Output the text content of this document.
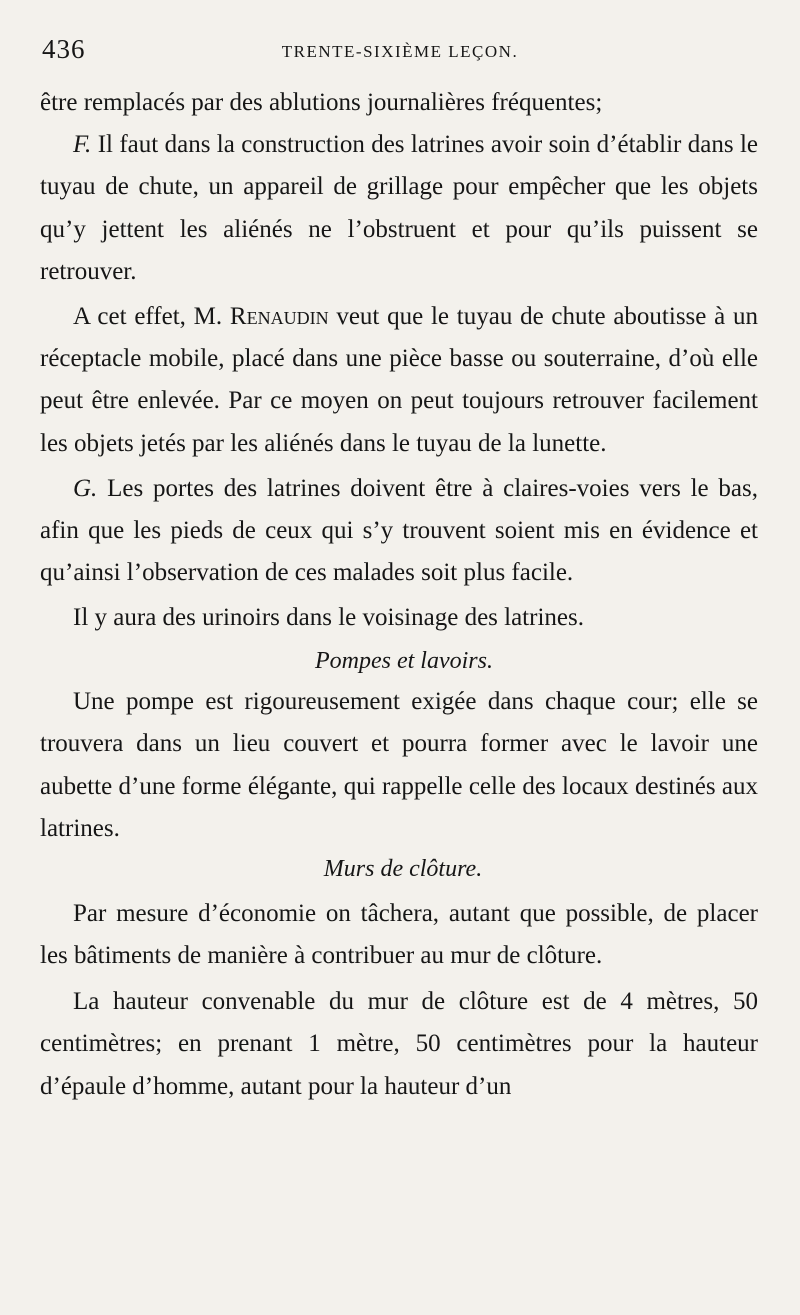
436	TRENTE-SIXIÈME LEÇON.

être remplacés par des ablutions journalières fréquentes;

F. Il faut dans la construction des latrines avoir soin d’établir dans le tuyau de chute, un appareil de grillage pour empêcher que les objets qu’y jettent les aliénés ne l’obstruent et pour qu’ils puissent se retrouver.

A cet effet, M. Renaudin veut que le tuyau de chute aboutisse à un réceptacle mobile, placé dans une pièce basse ou souterraine, d’où elle peut être enlevée. Par ce moyen on peut toujours retrouver facilement les objets jetés par les aliénés dans le tuyau de la lunette.

G. Les portes des latrines doivent être à claires-voies vers le bas, afin que les pieds de ceux qui s’y trouvent soient mis en évidence et qu’ainsi l’observation de ces malades soit plus facile.

Il y aura des urinoirs dans le voisinage des latrines.

Pompes et lavoirs.

Une pompe est rigoureusement exigée dans chaque cour; elle se trouvera dans un lieu couvert et pourra former avec le lavoir une aubette d’une forme élégante, qui rappelle celle des locaux destinés aux latrines.

Murs de clôture.

Par mesure d’économie on tâchera, autant que possible, de placer les bâtiments de manière à contribuer au mur de clôture.

La hauteur convenable du mur de clôture est de 4 mètres, 50 centimètres; en prenant 1 mètre, 50 centimètres pour la hauteur d’épaule d’homme, autant pour la hauteur d’un
